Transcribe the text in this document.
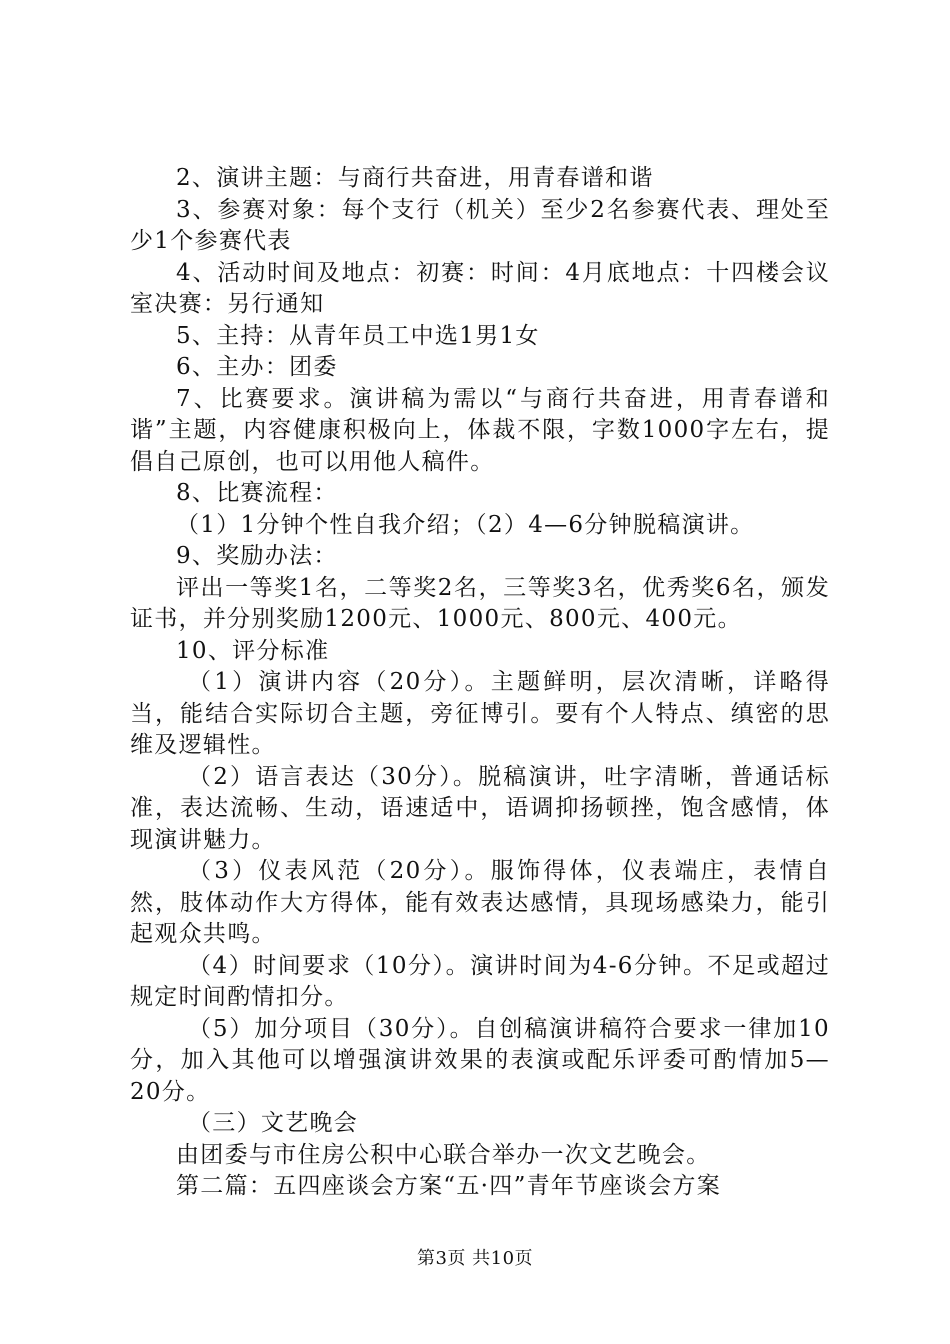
2、演讲主题：与商行共奋进，用青春谱和谐

3、参赛对象：每个支行（机关）至少2名参赛代表、理处至少1个参赛代表

4、活动时间及地点：初赛：时间：4月底地点：十四楼会议室决赛：另行通知

5、主持：从青年员工中选1男1女

6、主办：团委

7、比赛要求。演讲稿为需以“与商行共奋进，用青春谱和谐”主题，内容健康积极向上，体裁不限，字数1000字左右，提倡自己原创，也可以用他人稿件。

8、比赛流程：

（1）1分钟个性自我介绍；（2）4—6分钟脱稿演讲。

9、奖励办法：

评出一等奖1名，二等奖2名，三等奖3名，优秀奖6名，颁发证书，并分别奖励1200元、1000元、800元、400元。

10、评分标准

（1）演讲内容（20分）。主题鲜明，层次清晰，详略得当，能结合实际切合主题，旁征博引。要有个人特点、缜密的思维及逻辑性。

（2）语言表达（30分）。脱稿演讲，吐字清晰，普通话标准，表达流畅、生动，语速适中，语调抑扬顿挫，饱含感情，体现演讲魅力。

（3）仪表风范（20分）。服饰得体，仪表端庄，表情自然，肢体动作大方得体，能有效表达感情，具现场感染力，能引起观众共鸣。

（4）时间要求（10分）。演讲时间为4-6分钟。不足或超过规定时间酌情扣分。

（5）加分项目（30分）。自创稿演讲稿符合要求一律加10分，加入其他可以增强演讲效果的表演或配乐评委可酌情加5—20分。

（三）文艺晚会

由团委与市住房公积中心联合举办一次文艺晚会。

第二篇：五四座谈会方案“五·四”青年节座谈会方案

第3页 共10页
